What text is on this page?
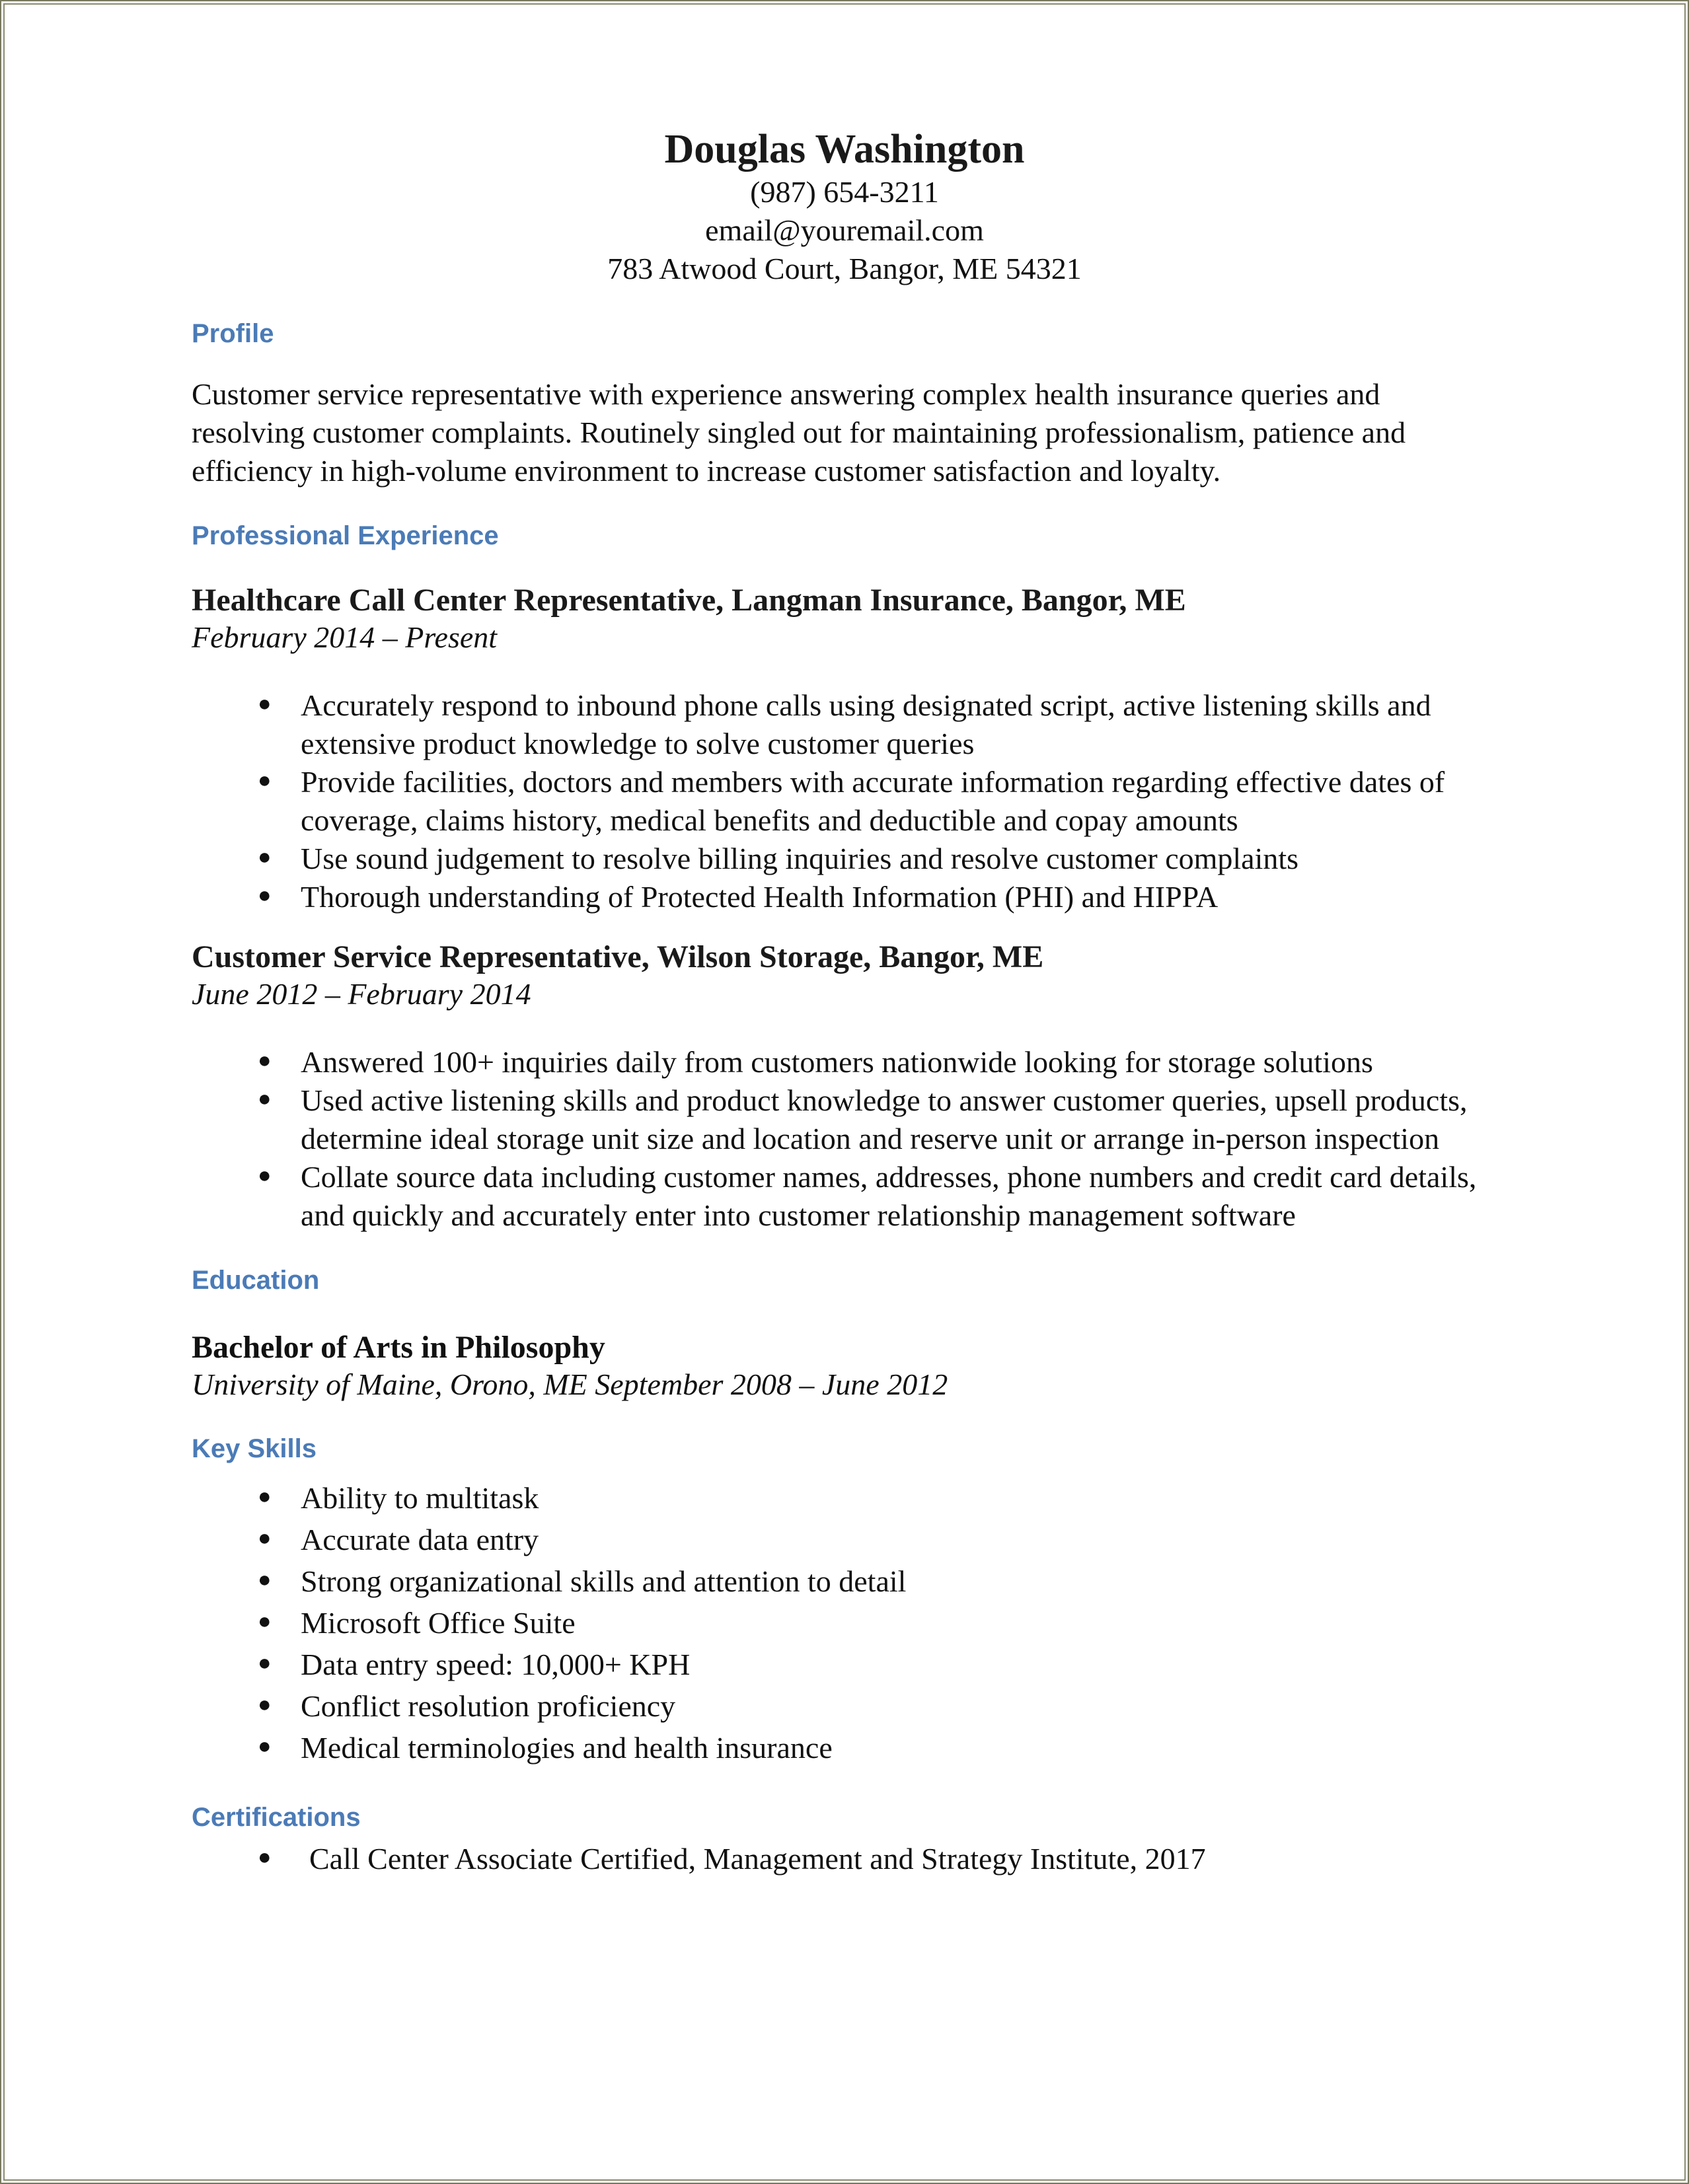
Douglas Washington
(987) 654-3211
email@youremail.com
783 Atwood Court, Bangor, ME 54321
Profile

Customer service representative with experience answering complex health insurance queries and resolving customer complaints. Routinely singled out for maintaining professionalism, patience and efficiency in high-volume environment to increase customer satisfaction and loyalty.

Professional Experience
Healthcare Call Center Representative, Langman Insurance, Bangor, ME
February 2014 – Present
● Accurately respond to inbound phone calls using designated script, active listening skills and extensive product knowledge to solve customer queries
● Provide facilities, doctors and members with accurate information regarding effective dates of coverage, claims history, medical benefits and deductible and copay amounts
● Use sound judgement to resolve billing inquiries and resolve customer complaints
● Thorough understanding of Protected Health Information (PHI) and HIPPA
Customer Service Representative, Wilson Storage, Bangor, ME
June 2012 – February 2014
● Answered 100+ inquiries daily from customers nationwide looking for storage solutions
● Used active listening skills and product knowledge to answer customer queries, upsell products, determine ideal storage unit size and location and reserve unit or arrange in-person inspection
● Collate source data including customer names, addresses, phone numbers and credit card details, and quickly and accurately enter into customer relationship management software
Education
Bachelor of Arts in Philosophy
University of Maine, Orono, ME September 2008 – June 2012
Key Skills
● Ability to multitask
● Accurate data entry
● Strong organizational skills and attention to detail
● Microsoft Office Suite
● Data entry speed: 10,000+ KPH
● Conflict resolution proficiency
● Medical terminologies and health insurance
Certifications
● Call Center Associate Certified, Management and Strategy Institute, 2017
